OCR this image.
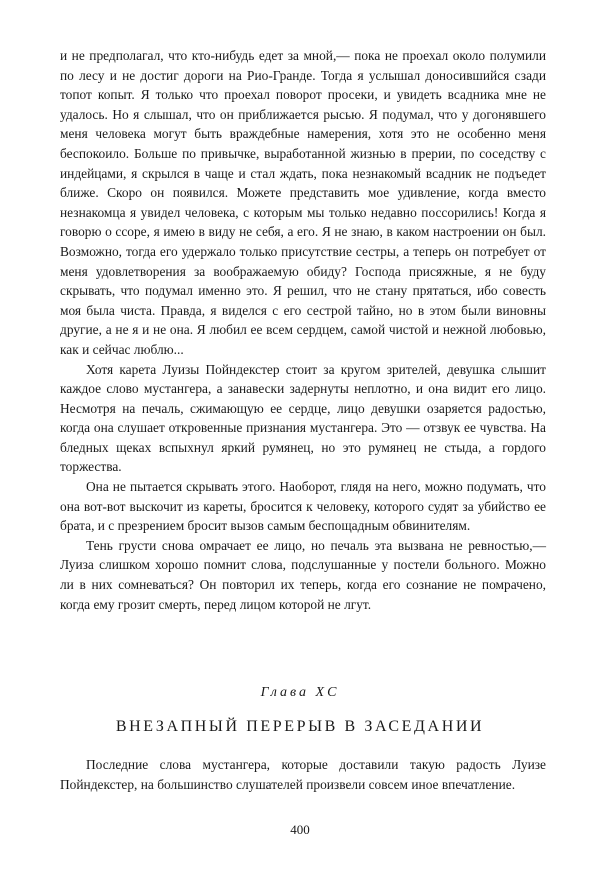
и не предполагал, что кто-нибудь едет за мной,— пока не проехал около полумили по лесу и не достиг дороги на Рио-Гранде. Тогда я услышал доносившийся сзади топот копыт. Я только что проехал поворот просеки, и увидеть всадника мне не удалось. Но я слышал, что он приближается рысью. Я подумал, что у догонявшего меня человека могут быть враждебные намерения, хотя это не особенно меня беспокоило. Больше по привычке, выработанной жизнью в прерии, по соседству с индейцами, я скрылся в чаще и стал ждать, пока незнакомый всадник не подъедет ближе. Скоро он появился. Можете представить мое удивление, когда вместо незнакомца я увидел человека, с которым мы только недавно поссорились! Когда я говорю о ссоре, я имею в виду не себя, а его. Я не знаю, в каком настроении он был. Возможно, тогда его удержало только присутствие сестры, а теперь он потребует от меня удовлетворения за воображаемую обиду? Господа присяжные, я не буду скрывать, что подумал именно это. Я решил, что не стану прятаться, ибо совесть моя была чиста. Правда, я виделся с его сестрой тайно, но в этом были виновны другие, а не я и не она. Я любил ее всем сердцем, самой чистой и нежной любовью, как и сейчас люблю...

Хотя карета Луизы Пойндекстер стоит за кругом зрителей, девушка слышит каждое слово мустангера, а занавески задернуты неплотно, и она видит его лицо. Несмотря на печаль, сжимающую ее сердце, лицо девушки озаряется радостью, когда она слушает откровенные признания мустангера. Это — отзвук ее чувства. На бледных щеках вспыхнул яркий румянец, но это румянец не стыда, а гордого торжества.

Она не пытается скрывать этого. Наоборот, глядя на него, можно подумать, что она вот-вот выскочит из кареты, бросится к человеку, которого судят за убийство ее брата, и с презрением бросит вызов самым беспощадным обвинителям.

Тень грусти снова омрачает ее лицо, но печаль эта вызвана не ревностью,— Луиза слишком хорошо помнит слова, подслушанные у постели больного. Можно ли в них сомневаться? Он повторил их теперь, когда его сознание не помрачено, когда ему грозит смерть, перед лицом которой не лгут.

Глава XC
ВНЕЗАПНЫЙ ПЕРЕРЫВ В ЗАСЕДАНИИ

Последние слова мустангера, которые доставили такую радость Луизе Пойндекстер, на большинство слушателей произвели совсем иное впечатление.

400
